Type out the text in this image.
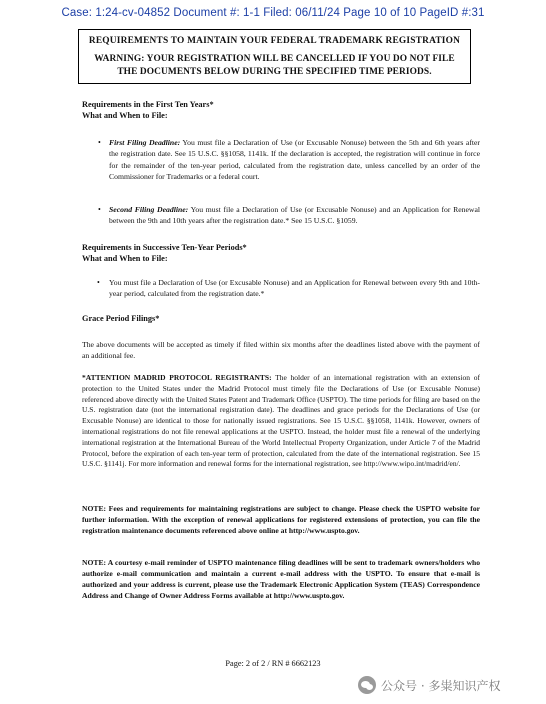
Case: 1:24-cv-04852 Document #: 1-1 Filed: 06/11/24 Page 10 of 10 PageID #:31
REQUIREMENTS TO MAINTAIN YOUR FEDERAL TRADEMARK REGISTRATION
WARNING: YOUR REGISTRATION WILL BE CANCELLED IF YOU DO NOT FILE THE DOCUMENTS BELOW DURING THE SPECIFIED TIME PERIODS.
Requirements in the First Ten Years*
What and When to File:
• First Filing Deadline: You must file a Declaration of Use (or Excusable Nonuse) between the 5th and 6th years after the registration date. See 15 U.S.C. §§1058, 1141k. If the declaration is accepted, the registration will continue in force for the remainder of the ten-year period, calculated from the registration date, unless cancelled by an order of the Commissioner for Trademarks or a federal court.
• Second Filing Deadline: You must file a Declaration of Use (or Excusable Nonuse) and an Application for Renewal between the 9th and 10th years after the registration date.* See 15 U.S.C. §1059.
Requirements in Successive Ten-Year Periods*
What and When to File:
• You must file a Declaration of Use (or Excusable Nonuse) and an Application for Renewal between every 9th and 10th-year period, calculated from the registration date.*
Grace Period Filings*
The above documents will be accepted as timely if filed within six months after the deadlines listed above with the payment of an additional fee.
*ATTENTION MADRID PROTOCOL REGISTRANTS: The holder of an international registration with an extension of protection to the United States under the Madrid Protocol must timely file the Declarations of Use (or Excusable Nonuse) referenced above directly with the United States Patent and Trademark Office (USPTO). The time periods for filing are based on the U.S. registration date (not the international registration date). The deadlines and grace periods for the Declarations of Use (or Excusable Nonuse) are identical to those for nationally issued registrations. See 15 U.S.C. §§1058, 1141k. However, owners of international registrations do not file renewal applications at the USPTO. Instead, the holder must file a renewal of the underlying international registration at the International Bureau of the World Intellectual Property Organization, under Article 7 of the Madrid Protocol, before the expiration of each ten-year term of protection, calculated from the date of the international registration. See 15 U.S.C. §1141j. For more information and renewal forms for the international registration, see http://www.wipo.int/madrid/en/.
NOTE: Fees and requirements for maintaining registrations are subject to change. Please check the USPTO website for further information. With the exception of renewal applications for registered extensions of protection, you can file the registration maintenance documents referenced above online at http://www.uspto.gov.
NOTE: A courtesy e-mail reminder of USPTO maintenance filing deadlines will be sent to trademark owners/holders who authorize e-mail communication and maintain a current e-mail address with the USPTO. To ensure that e-mail is authorized and your address is current, please use the Trademark Electronic Application System (TEAS) Correspondence Address and Change of Owner Address Forms available at http://www.uspto.gov.
Page: 2 of 2 / RN # 6662123
公众号 · 多粜知识产权
